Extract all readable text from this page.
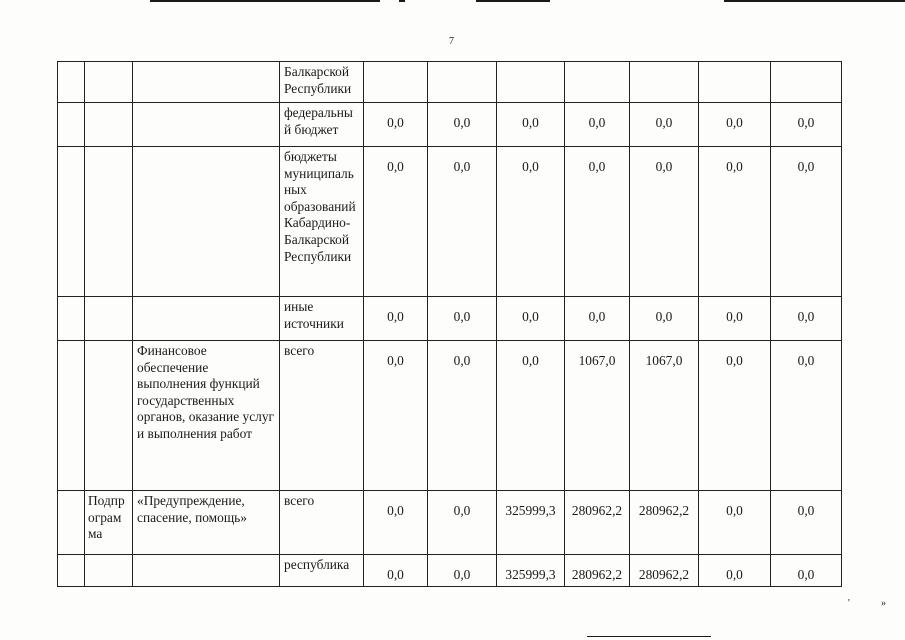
7
			Балкарской Республики							
			федеральный бюджет	0,0	0,0	0,0	0,0	0,0	0,0	0,0
			бюджеты муниципальных образований Кабардино-Балкарской Республики	0,0	0,0	0,0	0,0	0,0	0,0	0,0
			иные источники	0,0	0,0	0,0	0,0	0,0	0,0	0,0
		Финансовое обеспечение выполнения функций государственных органов, оказание услуг и выполнения работ	всего	0,0	0,0	0,0	1067,0	1067,0	0,0	0,0
	Подпрограмма	«Предупреждение, спасение, помощь»	всего	0,0	0,0	325999,3	280962,2	280962,2	0,0	0,0
			республика	0,0	0,0	325999,3	280962,2	280962,2	0,0	0,0
'	»
